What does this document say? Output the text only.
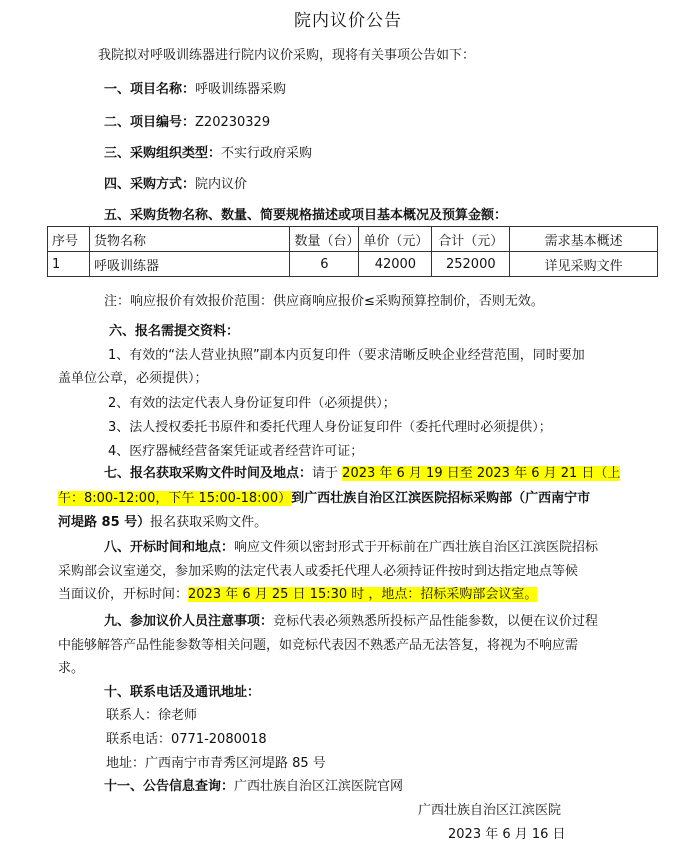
院内议价公告
我院拟对呼吸训练器进行院内议价采购，现将有关事项公告如下：
一、项目名称：呼吸训练器采购
二、项目编号：Z20230329
三、采购组织类型：不实行政府采购
四、采购方式：院内议价
五、采购货物名称、数量、简要规格描述或项目基本概况及预算金额：
序号	货物名称	数量（台）	单价（元）	合计（元）	需求基本概述
1	呼吸训练器	6	42000	252000	详见采购文件
注：响应报价有效报价范围：供应商响应报价≤采购预算控制价，否则无效。
六、报名需提交资料：
1、有效的“法人营业执照”副本内页复印件（要求清晰反映企业经营范围，同时要加
盖单位公章，必须提供）；
2、有效的法定代表人身份证复印件（必须提供）；
3、法人授权委托书原件和委托代理人身份证复印件（委托代理时必须提供）；
4、医疗器械经营备案凭证或者经营许可证；
七、报名获取采购文件时间及地点：请于 2023 年 6 月 19 日至 2023 年 6 月 21 日（上
午：8:00-12:00，下午 15:00-18:00）到广西壮族自治区江滨医院招标采购部（广西南宁市
河堤路 85 号）报名获取采购文件。
八、开标时间和地点：响应文件须以密封形式于开标前在广西壮族自治区江滨医院招标
采购部会议室递交，参加采购的法定代表人或委托代理人必须持证件按时到达指定地点等候
当面议价，开标时间：2023 年 6 月 25 日 15:30 时 ，地点：招标采购部会议室。
九、参加议价人员注意事项：竞标代表必须熟悉所投标产品性能参数，以便在议价过程
中能够解答产品性能参数等相关问题，如竞标代表因不熟悉产品无法答复，将视为不响应需
求。
十、联系电话及通讯地址：
联系人：徐老师
联系电话：0771-2080018
地址：广西南宁市青秀区河堤路 85 号
十一、公告信息查询：广西壮族自治区江滨医院官网
广西壮族自治区江滨医院
2023 年 6 月 16 日
